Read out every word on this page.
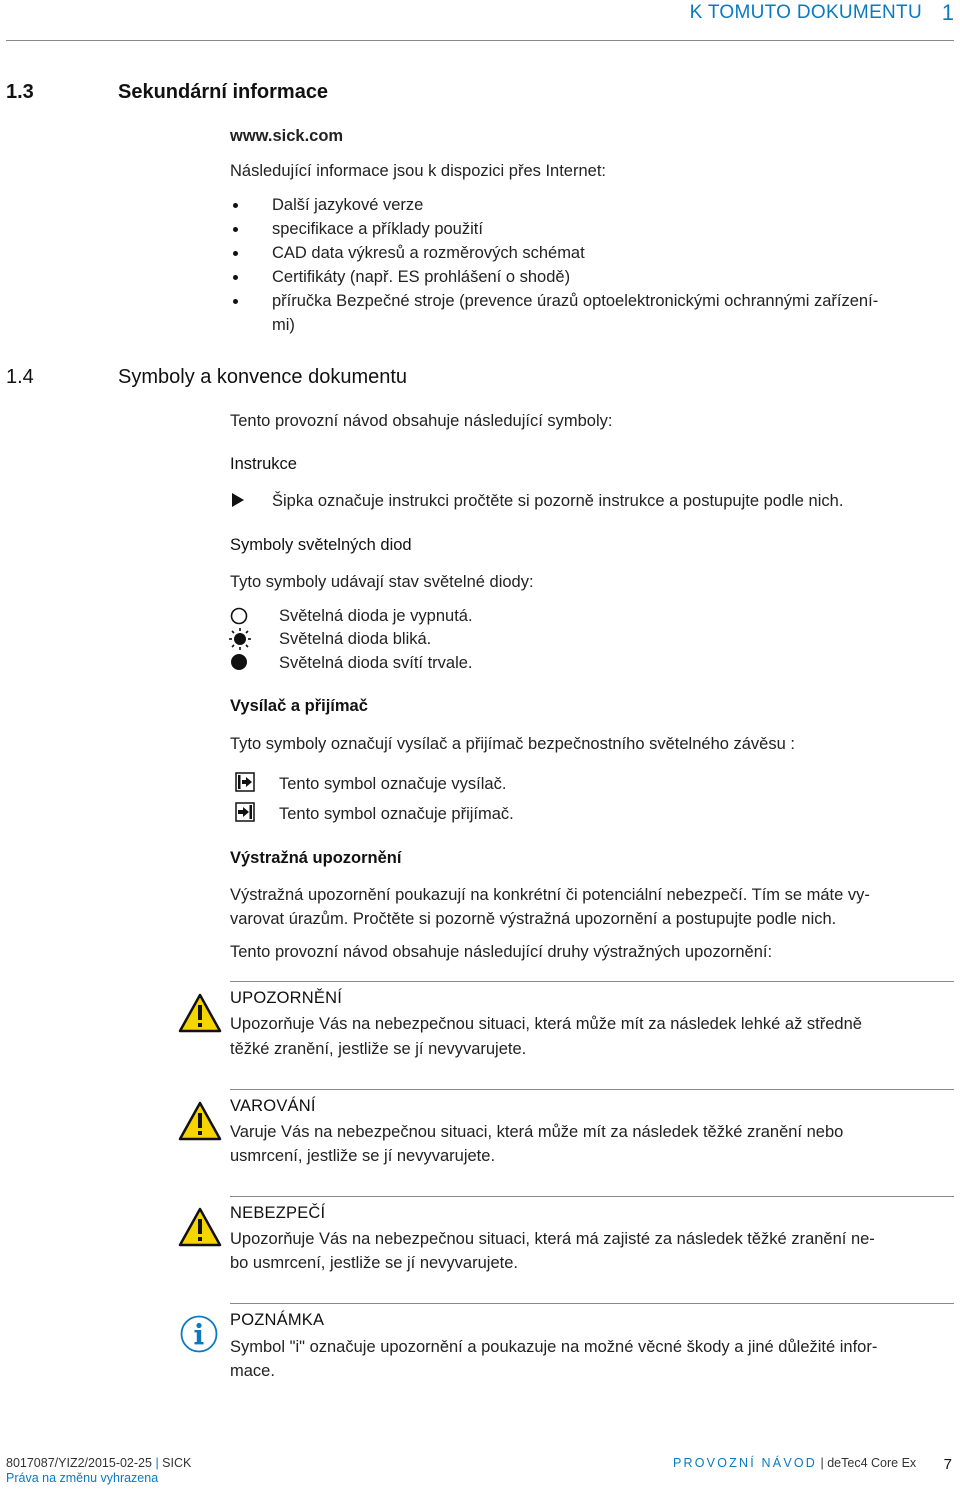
K TOMUTO DOKUMENTU 1
1.3	Sekundární informace
www.sick.com
Následující informace jsou k dispozici přes Internet:
Další jazykové verze
specifikace a příklady použití
CAD data výkresů a rozměrových schémat
Certifikáty (např. ES prohlášení o shodě)
příručka Bezpečné stroje (prevence úrazů optoelektronickými ochrannými zařízení-
mi)
1.4	Symboly a konvence dokumentu
Tento provozní návod obsahuje následující symboly:
Instrukce
Šipka označuje instrukci pročtěte si pozorně instrukce a postupujte podle nich.
Symboly světelných diod
Tyto symboly udávají stav světelné diody:
Světelná dioda je vypnutá.
Světelná dioda bliká.
Světelná dioda svítí trvale.
Vysílač a přijímač
Tyto symboly označují vysílač a přijímač bezpečnostního světelného závěsu :
Tento symbol označuje vysílač.
Tento symbol označuje přijímač.
Výstražná upozornění
Výstražná upozornění poukazují na konkrétní či potenciální nebezpečí. Tím se máte vy-
varovat úrazům. Pročtěte si pozorně výstražná upozornění a postupujte podle nich.
Tento provozní návod obsahuje následující druhy výstražných upozornění:
UPOZORNĚNÍ
Upozorňuje Vás na nebezpečnou situaci, která může mít za následek lehké až středně
těžké zranění, jestliže se jí nevyvarujete.
VAROVÁNÍ
Varuje Vás na nebezpečnou situaci, která může mít za následek těžké zranění nebo
usmrcení, jestliže se jí nevyvarujete.
NEBEZPEČÍ
Upozorňuje Vás na nebezpečnou situaci, která má zajisté za následek těžké zranění ne-
bo usmrcení, jestliže se jí nevyvarujete.
POZNÁMKA
Symbol "i" označuje upozornění a poukazuje na možné věcné škody a jiné důležité infor-
mace.
8017087/YIZ2/2015-02-25 | SICK
Práva na změnu vyhrazena
PROVOZNÍ NÁVOD | deTec4 Core Ex 7
